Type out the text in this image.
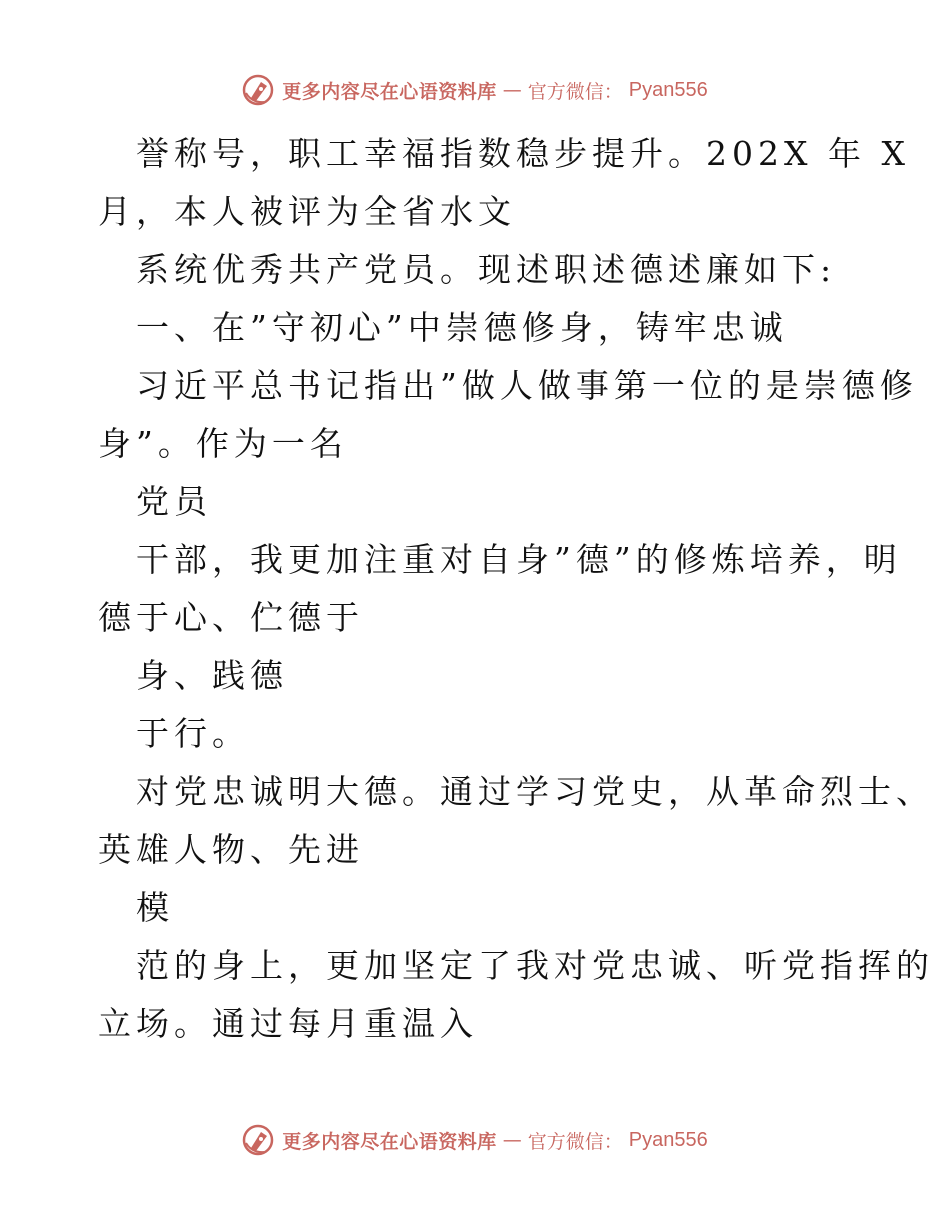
更多内容尽在心语资料库 — 官方微信： Pyan556
誉称号，职工幸福指数稳步提升。202X 年 X
月，本人被评为全省水文
系统优秀共产党员。现述职述德述廉如下:
一、在”守初心”中崇德修身，铸牢忠诚
习近平总书记指出”做人做事第一位的是崇德修
身”。作为一名
党员
干部，我更加注重对自身”德”的修炼培养，明
德于心、伫德于
身、践德
于行。
对党忠诚明大德。通过学习党史，从革命烈士、
英雄人物、先进
模
范的身上，更加坚定了我对党忠诚、听党指挥的
立场。通过每月重温入
更多内容尽在心语资料库 — 官方微信： Pyan556
